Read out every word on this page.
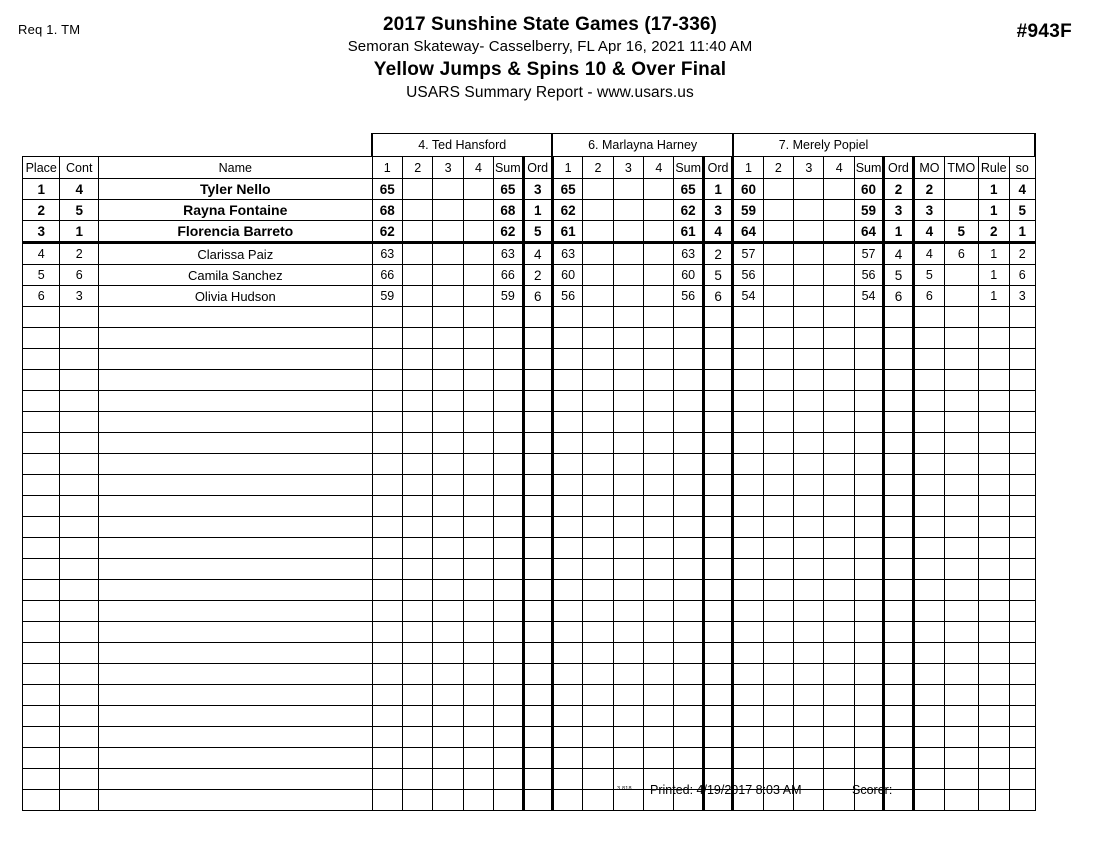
Req 1. TM	#943F
2017 Sunshine State Games (17-336)
Semoran Skateway- Casselberry, FL Apr 16, 2021 11:40 AM
Yellow Jumps & Spins 10 & Over Final
USARS Summary Report - www.usars.us
			4. Ted Hansford						6. Marlayna Harney						7. Merely Popiel									
Place	Cont	Name	1	2	3	4	Sum	Ord	1	2	3	4	Sum	Ord	1	2	3	4	Sum	Ord	MO	TMO	Rule	so
1	4	Tyler Nello	65				65	3	65				65	1	60				60	2	2		1	4
2	5	Rayna Fontaine	68				68	1	62				62	3	59				59	3	3		1	5
3	1	Florencia Barreto	62				62	5	61				61	4	64				64	1	4	5	2	1
4	2	Clarissa Paiz	63				63	4	63				63	2	57				57	4	4	6	1	2
5	6	Camila Sanchez	66				66	2	60				60	5	56				56	5	5		1	6
6	3	Olivia Hudson	59				59	6	56				56	6	54				54	6	6		1	3

3.818 Printed: 4/19/2017 8:03 AM	Scorer:
